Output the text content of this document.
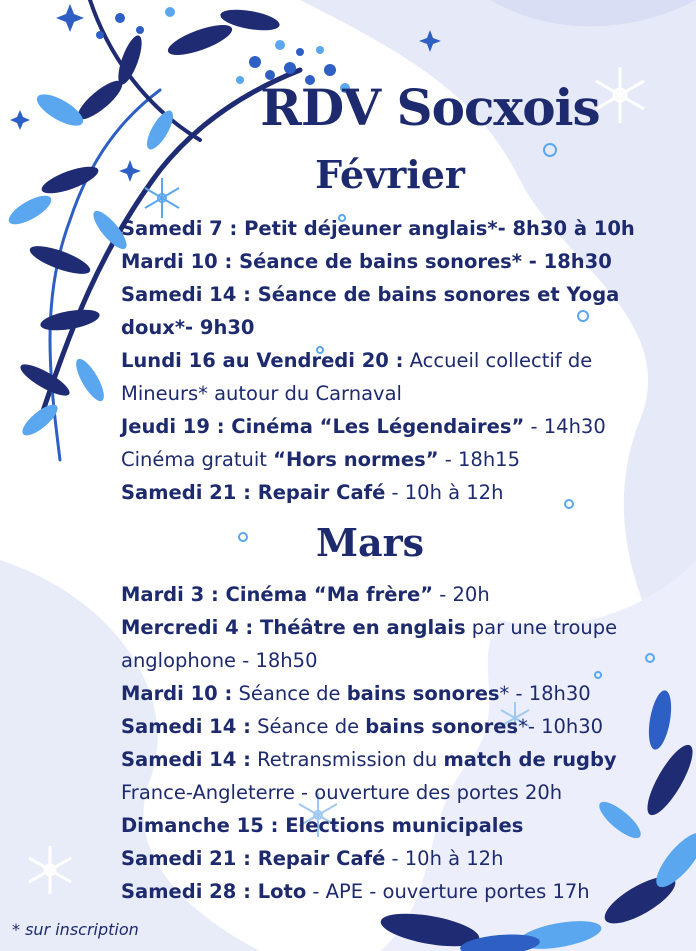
RDV Socxois
Février
Samedi 7 : Petit déjeuner anglais*- 8h30 à 10h
Mardi 10 : Séance de bains sonores* - 18h30
Samedi 14 : Séance de bains sonores et Yoga doux*- 9h30
Lundi 16 au Vendredi 20 : Accueil collectif de Mineurs* autour du Carnaval
Jeudi 19 : Cinéma “Les Légendaires” - 14h30
Cinéma gratuit “Hors normes” - 18h15
Samedi 21 : Repair Café - 10h à 12h
Mars
Mardi 3 : Cinéma “Ma frère” - 20h
Mercredi 4 : Théâtre en anglais par une troupe anglophone - 18h50
Mardi 10 : Séance de bains sonores* - 18h30
Samedi 14 : Séance de bains sonores*- 10h30
Samedi 14 : Retransmission du match de rugby France-Angleterre - ouverture des portes 20h
Dimanche 15 : Elections municipales
Samedi 21 : Repair Café - 10h à 12h
Samedi 28 : Loto - APE - ouverture portes 17h

* sur inscription
